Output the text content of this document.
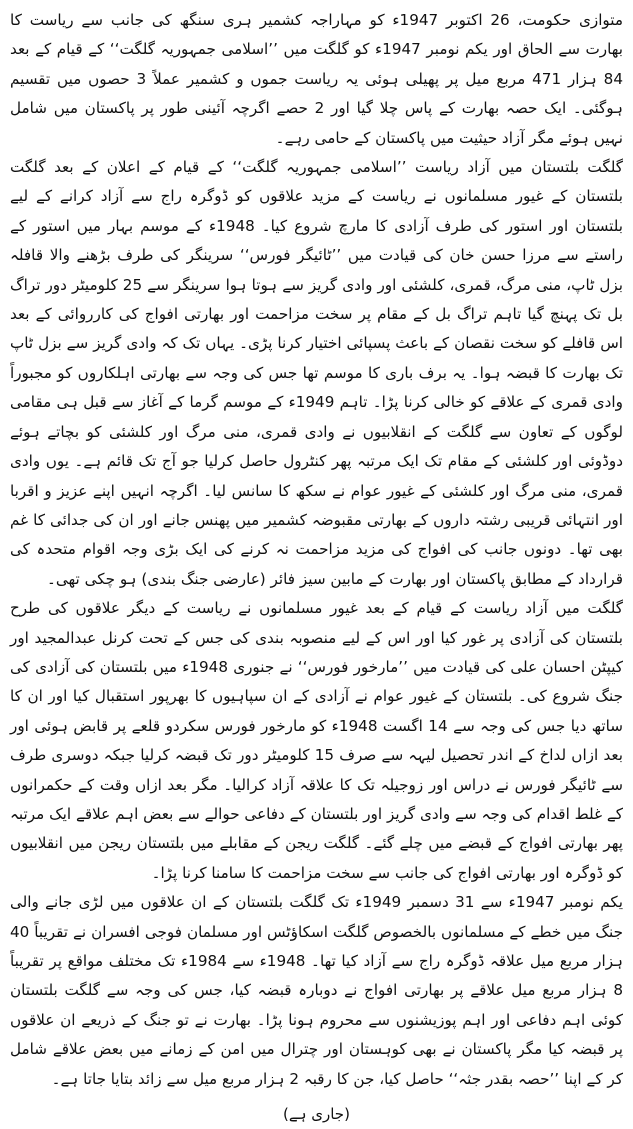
متوازی حکومت، 26 اکتوبر 1947ء کو مہاراجہ کشمیر ہری سنگھ کی جانب سے ریاست کا بھارت سے الحاق اور یکم نومبر 1947ء کو گلگت میں ’’اسلامی جمہوریہ گلگت‘‘ کے قیام کے بعد 84 ہزار 471 مربع میل پر پھیلی ہوئی یہ ریاست جموں و کشمیر عملاً 3 حصوں میں تقسیم ہوگئی۔ ایک حصہ بھارت کے پاس چلا گیا اور 2 حصے اگرچہ آئینی طور پر پاکستان میں شامل نہیں ہوئے مگر آزاد حیثیت میں پاکستان کے حامی رہے۔

گلگت بلتستان میں آزاد ریاست ’’اسلامی جمہوریہ گلگت‘‘ کے قیام کے اعلان کے بعد گلگت بلتستان کے غیور مسلمانوں نے ریاست کے مزید علاقوں کو ڈوگرہ راج سے آزاد کرانے کے لیے بلتستان اور استور کی طرف آزادی کا مارچ شروع کیا۔ 1948ء کے موسم بہار میں استور کے راستے سے مرزا حسن خان کی قیادت میں ’’ٹائیگر فورس‘‘ سرینگر کی طرف بڑھنے والا قافلہ بزل ٹاپ، منی مرگ، قمری، کلشئی اور وادی گریز سے ہوتا ہوا سرینگر سے 25 کلومیٹر دور تراگ بل تک پہنچ گیا تاہم تراگ بل کے مقام پر سخت مزاحمت اور بھارتی افواج کی کارروائی کے بعد اس قافلے کو سخت نقصان کے باعث پسپائی اختیار کرنا پڑی۔ یہاں تک کہ وادی گریز سے بزل ٹاپ تک بھارت کا قبضہ ہوا۔ یہ برف باری کا موسم تھا جس کی وجہ سے بھارتی اہلکاروں کو مجبوراً وادی قمری کے علاقے کو خالی کرنا پڑا۔ تاہم 1949ء کے موسم گرما کے آغاز سے قبل ہی مقامی لوگوں کے تعاون سے گلگت کے انقلابیوں نے وادی قمری، منی مرگ اور کلشئی کو بچاتے ہوئے دوڈوئی اور کلشئی کے مقام تک ایک مرتبہ پھر کنٹرول حاصل کرلیا جو آج تک قائم ہے۔ یوں وادی قمری، منی مرگ اور کلشئی کے غیور عوام نے سکھ کا سانس لیا۔ اگرچہ انہیں اپنے عزیز و اقربا اور انتہائی قریبی رشتہ داروں کے بھارتی مقبوضہ کشمیر میں پھنس جانے اور ان کی جدائی کا غم بھی تھا۔ دونوں جانب کی افواج کی مزید مزاحمت نہ کرنے کی ایک بڑی وجہ اقوام متحدہ کی قرارداد کے مطابق پاکستان اور بھارت کے مابین سیز فائر (عارضی جنگ بندی) ہو چکی تھی۔

گلگت میں آزاد ریاست کے قیام کے بعد غیور مسلمانوں نے ریاست کے دیگر علاقوں کی طرح بلتستان کی آزادی پر غور کیا اور اس کے لیے منصوبہ بندی کی جس کے تحت کرنل عبدالمجید اور کیپٹن احسان علی کی قیادت میں ’’مارخور فورس‘‘ نے جنوری 1948ء میں بلتستان کی آزادی کی جنگ شروع کی۔ بلتستان کے غیور عوام نے آزادی کے ان سپاہیوں کا بھرپور استقبال کیا اور ان کا ساتھ دیا جس کی وجہ سے 14 اگست 1948ء کو مارخور فورس سکردو قلعے پر قابض ہوئی اور بعد ازاں لداخ کے اندر تحصیل لیہہ سے صرف 15 کلومیٹر دور تک قبضہ کرلیا جبکہ دوسری طرف سے ٹائیگر فورس نے دراس اور زوجیلہ تک کا علاقہ آزاد کرالیا۔ مگر بعد ازاں وقت کے حکمرانوں کے غلط اقدام کی وجہ سے وادی گریز اور بلتستان کے دفاعی حوالے سے بعض اہم علاقے ایک مرتبہ پھر بھارتی افواج کے قبضے میں چلے گئے۔ گلگت ریجن کے مقابلے میں بلتستان ریجن میں انقلابیوں کو ڈوگرہ اور بھارتی افواج کی جانب سے سخت مزاحمت کا سامنا کرنا پڑا۔

یکم نومبر 1947ء سے 31 دسمبر 1949ء تک گلگت بلتستان کے ان علاقوں میں لڑی جانے والی جنگ میں خطے کے مسلمانوں بالخصوص گلگت اسکاؤٹس اور مسلمان فوجی افسران نے تقریباً 40 ہزار مربع میل علاقہ ڈوگرہ راج سے آزاد کیا تھا۔ 1948ء سے 1984ء تک مختلف مواقع پر تقریباً 8 ہزار مربع میل علاقے پر بھارتی افواج نے دوبارہ قبضہ کیا، جس کی وجہ سے گلگت بلتستان کوئی اہم دفاعی اور اہم پوزیشنوں سے محروم ہونا پڑا۔ بھارت نے تو جنگ کے ذریعے ان علاقوں پر قبضہ کیا مگر پاکستان نے بھی کوہستان اور چترال میں امن کے زمانے میں بعض علاقے شامل کر کے اپنا ’’حصہ بقدر جثہ‘‘ حاصل کیا، جن کا رقبہ 2 ہزار مربع میل سے زائد بتایا جاتا ہے۔

(جاری ہے)
